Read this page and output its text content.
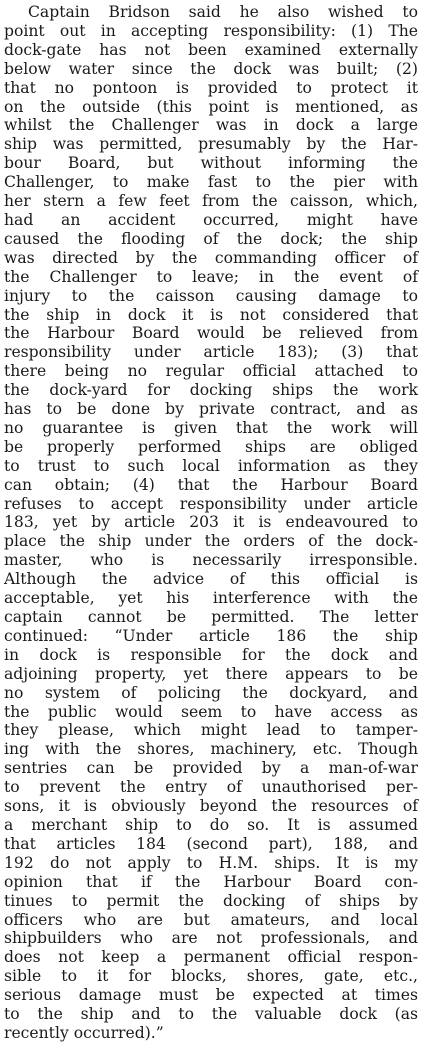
Captain Bridson said he also wished to
point out in accepting responsibility: (1) The
dock-gate has not been examined externally
below water since the dock was built; (2)
that no pontoon is provided to protect it
on the outside (this point is mentioned, as
whilst the Challenger was in dock a large
ship was permitted, presumably by the Har-
bour Board, but without informing the
Challenger, to make fast to the pier with
her stern a few feet from the caisson, which,
had an accident occurred, might have
caused the flooding of the dock; the ship
was directed by the commanding officer of
the Challenger to leave; in the event of
injury to the caisson causing damage to
the ship in dock it is not considered that
the Harbour Board would be relieved from
responsibility under article 183); (3) that
there being no regular official attached to
the dock-yard for docking ships the work
has to be done by private contract, and as
no guarantee is given that the work will
be properly performed ships are obliged
to trust to such local information as they
can obtain; (4) that the Harbour Board
refuses to accept responsibility under article
183, yet by article 203 it is endeavoured to
place the ship under the orders of the dock-
master, who is necessarily irresponsible.
Although the advice of this official is
acceptable, yet his interference with the
captain cannot be permitted. The letter
continued: “Under article 186 the ship
in dock is responsible for the dock and
adjoining property, yet there appears to be
no system of policing the dockyard, and
the public would seem to have access as
they please, which might lead to tamper-
ing with the shores, machinery, etc. Though
sentries can be provided by a man-of-war
to prevent the entry of unauthorised per-
sons, it is obviously beyond the resources of
a merchant ship to do so. It is assumed
that articles 184 (second part), 188, and
192 do not apply to H.M. ships. It is my
opinion that if the Harbour Board con-
tinues to permit the docking of ships by
officers who are but amateurs, and local
shipbuilders who are not professionals, and
does not keep a permanent official respon-
sible to it for blocks, shores, gate, etc.,
serious damage must be expected at times
to the ship and to the valuable dock (as
recently occurred).”
